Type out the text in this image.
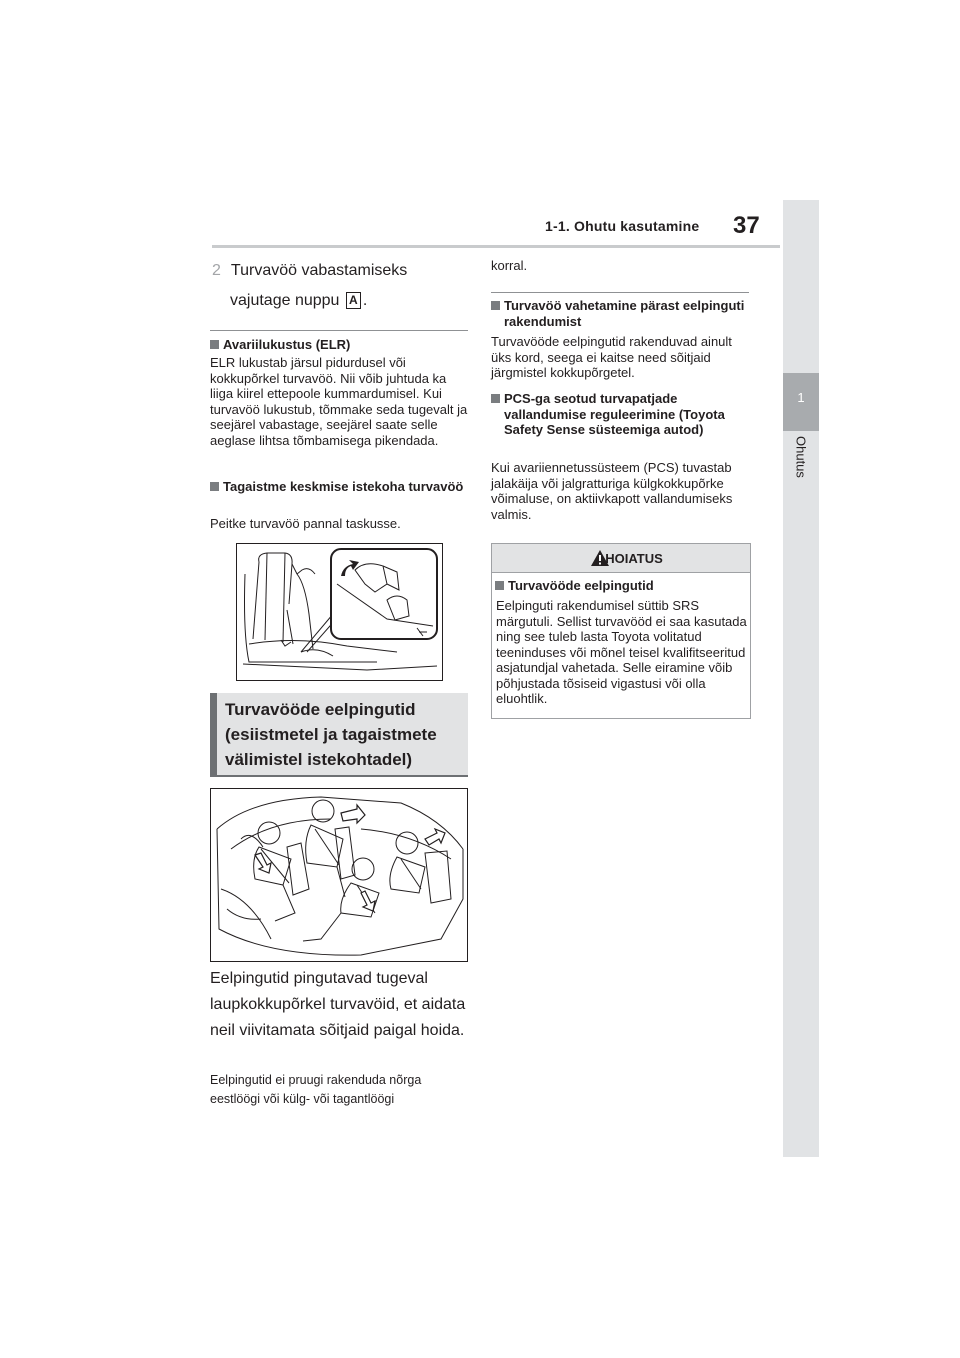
1-1. Ohutu kasutamine 37
1
Ohutus
2 Turvavöö vabastamiseks
vajutage nuppu A .
Avariilukustus (ELR)
ELR lukustab järsul pidurdusel või kokkupõrkel turvavöö. Nii võib juhtuda ka liiga kiirel ettepoole kummardumisel. Kui turvavöö lukustub, tõmmake seda tugevalt ja seejärel vabastage, seejärel saate selle aeglase lihtsa tõmbamisega pikendada.
Tagaistme keskmise istekoha turvavöö
Peitke turvavöö pannal taskusse.
Turvavööde eelpingutid (esiistmetel ja tagaistmete välimistel istekohtadel)
Eelpingutid pingutavad tugeval laupkokkupõrkel turvavöid, et aidata neil viivitamata sõitjaid paigal hoida.
Eelpingutid ei pruugi rakenduda nõrga eestlöögi või külg- või tagantlöögi
korral.
Turvavöö vahetamine pärast eelpinguti rakendumist
Turvavööde eelpingutid rakenduvad ainult üks kord, seega ei kaitse need sõitjaid järgmistel kokkupõrgetel.
PCS-ga seotud turvapatjade vallandumise reguleerimine (Toyota Safety Sense süsteemiga autod)
Kui avariiennetussüsteem (PCS) tuvastab jalakäija või jalgratturiga külgkokkupõrke võimaluse, on aktiivkapott vallandumiseks valmis.
HOIATUS
Turvavööde eelpingutid
Eelpinguti rakendumisel süttib SRS märgutuli. Sellist turvavööd ei saa kasutada ning see tuleb lasta Toyota volitatud teeninduses või mõnel teisel kvalifitseeritud asjatundjal vahetada. Selle eiramine võib põhjustada tõsiseid vigastusi või olla eluohtlik.
